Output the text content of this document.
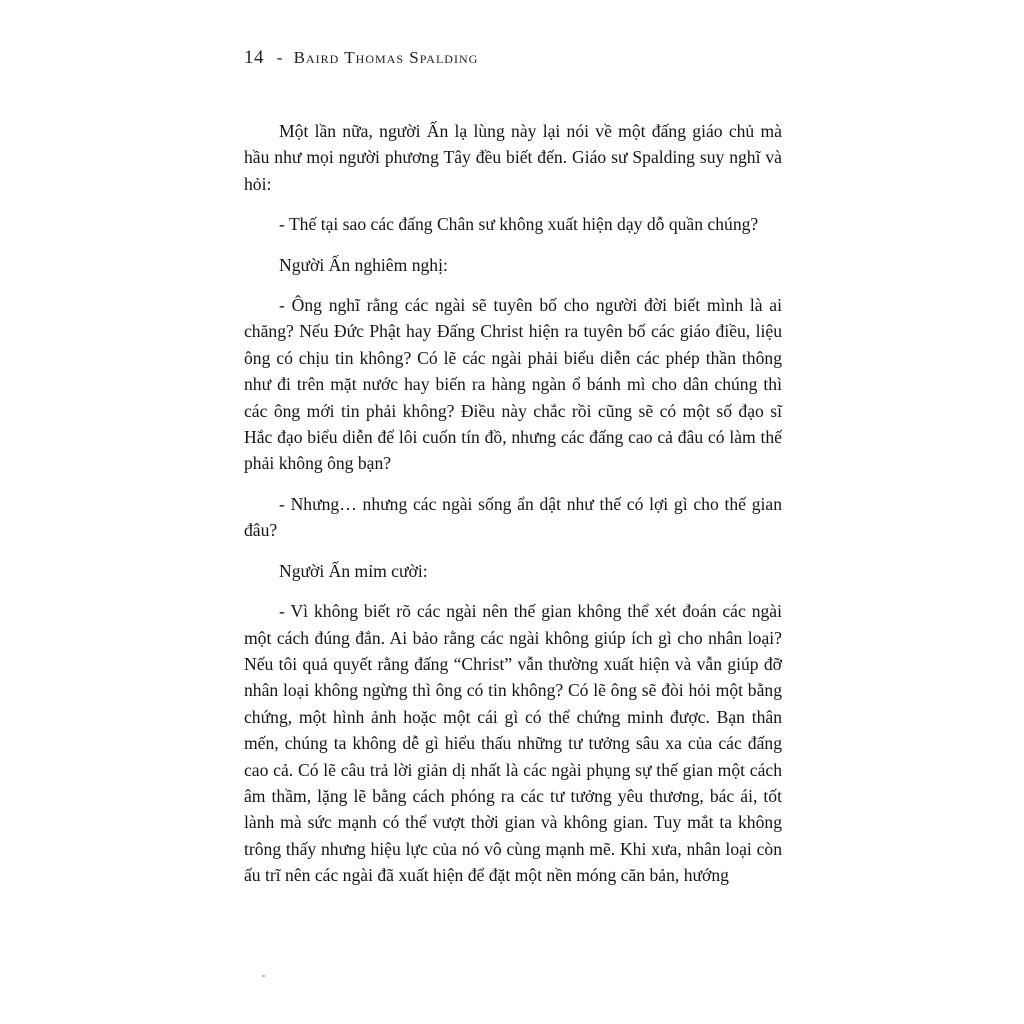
14 - Baird Thomas Spalding

Một lần nữa, người Ấn lạ lùng này lại nói về một đấng giáo chủ mà hầu như mọi người phương Tây đều biết đến. Giáo sư Spalding suy nghĩ và hỏi:

- Thế tại sao các đấng Chân sư không xuất hiện dạy dỗ quần chúng?

Người Ấn nghiêm nghị:

- Ông nghĩ rằng các ngài sẽ tuyên bố cho người đời biết mình là ai chăng? Nếu Đức Phật hay Đấng Christ hiện ra tuyên bố các giáo điều, liệu ông có chịu tin không? Có lẽ các ngài phải biểu diễn các phép thần thông như đi trên mặt nước hay biến ra hàng ngàn ổ bánh mì cho dân chúng thì các ông mới tin phải không? Điều này chắc rồi cũng sẽ có một số đạo sĩ Hắc đạo biểu diễn để lôi cuốn tín đồ, nhưng các đấng cao cả đâu có làm thế phải không ông bạn?

- Nhưng… nhưng các ngài sống ẩn dật như thế có lợi gì cho thế gian đâu?

Người Ấn mỉm cười:

- Vì không biết rõ các ngài nên thế gian không thể xét đoán các ngài một cách đúng đắn. Ai bảo rằng các ngài không giúp ích gì cho nhân loại? Nếu tôi quả quyết rằng đấng “Christ” vẫn thường xuất hiện và vẫn giúp đỡ nhân loại không ngừng thì ông có tin không? Có lẽ ông sẽ đòi hỏi một bằng chứng, một hình ảnh hoặc một cái gì có thể chứng minh được. Bạn thân mến, chúng ta không dễ gì hiểu thấu những tư tưởng sâu xa của các đấng cao cả. Có lẽ câu trả lời giản dị nhất là các ngài phụng sự thế gian một cách âm thầm, lặng lẽ bằng cách phóng ra các tư tưởng yêu thương, bác ái, tốt lành mà sức mạnh có thể vượt thời gian và không gian. Tuy mắt ta không trông thấy nhưng hiệu lực của nó vô cùng mạnh mẽ. Khi xưa, nhân loại còn ấu trĩ nên các ngài đã xuất hiện để đặt một nền móng căn bản, hướng
